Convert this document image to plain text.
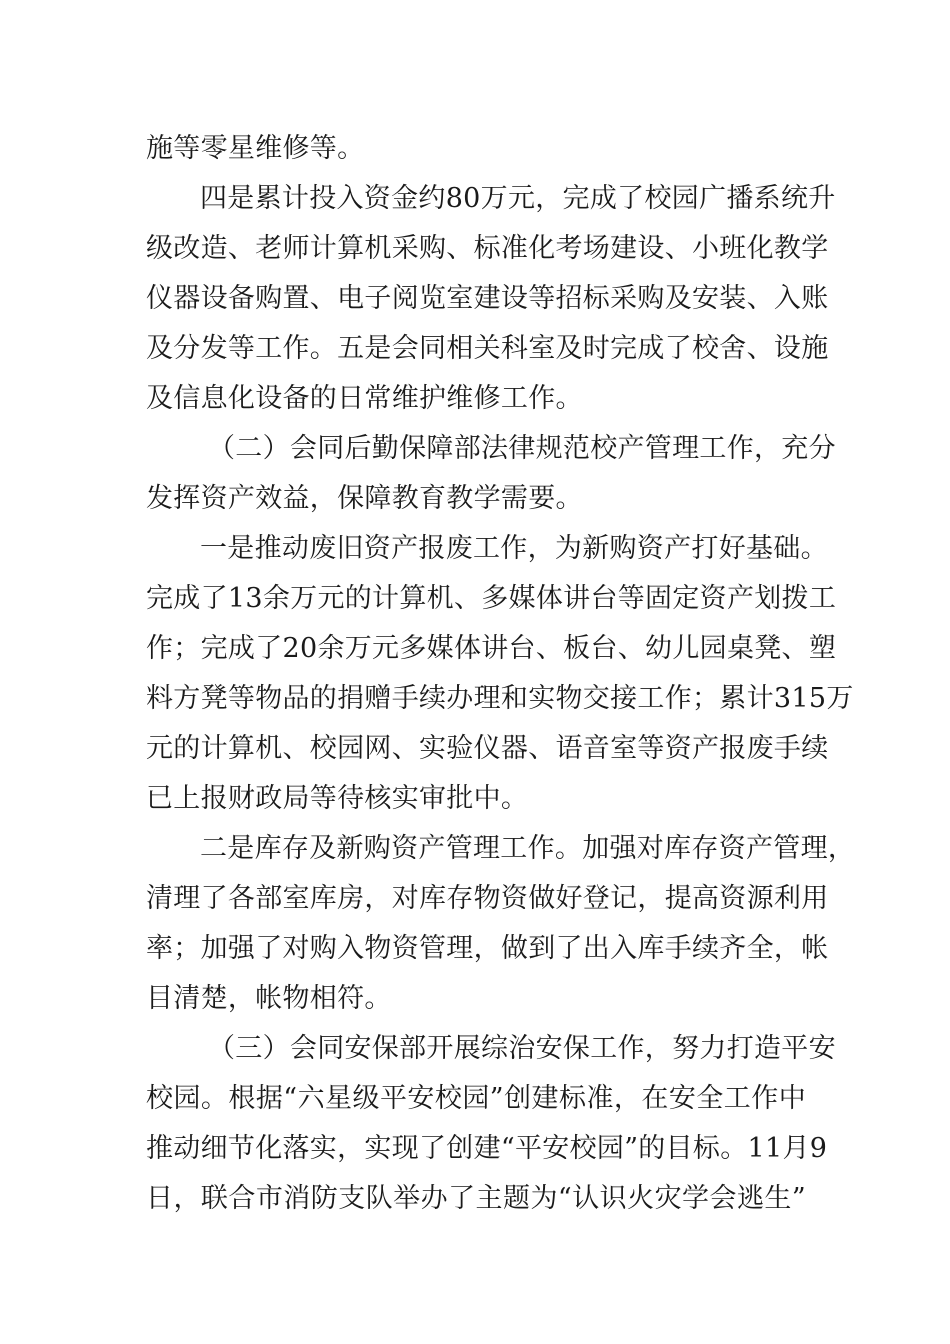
施等零星维修等。
四是累计投入资金约80万元，完成了校园广播系统升
级改造、老师计算机采购、标准化考场建设、小班化教学
仪器设备购置、电子阅览室建设等招标采购及安装、入账
及分发等工作。五是会同相关科室及时完成了校舍、设施
及信息化设备的日常维护维修工作。
（二）会同后勤保障部法律规范校产管理工作，充分
发挥资产效益，保障教育教学需要。
一是推动废旧资产报废工作，为新购资产打好基础。
完成了13余万元的计算机、多媒体讲台等固定资产划拨工
作；完成了20余万元多媒体讲台、板台、幼儿园桌凳、塑
料方凳等物品的捐赠手续办理和实物交接工作；累计315万
元的计算机、校园网、实验仪器、语音室等资产报废手续
已上报财政局等待核实审批中。
二是库存及新购资产管理工作。加强对库存资产管理，
清理了各部室库房，对库存物资做好登记，提高资源利用
率；加强了对购入物资管理，做到了出入库手续齐全，帐
目清楚，帐物相符。
（三）会同安保部开展综治安保工作，努力打造平安
校园。根据“六星级平安校园”创建标准，在安全工作中
推动细节化落实，实现了创建“平安校园”的目标。11月9
日，联合市消防支队举办了主题为“认识火灾学会逃生”
